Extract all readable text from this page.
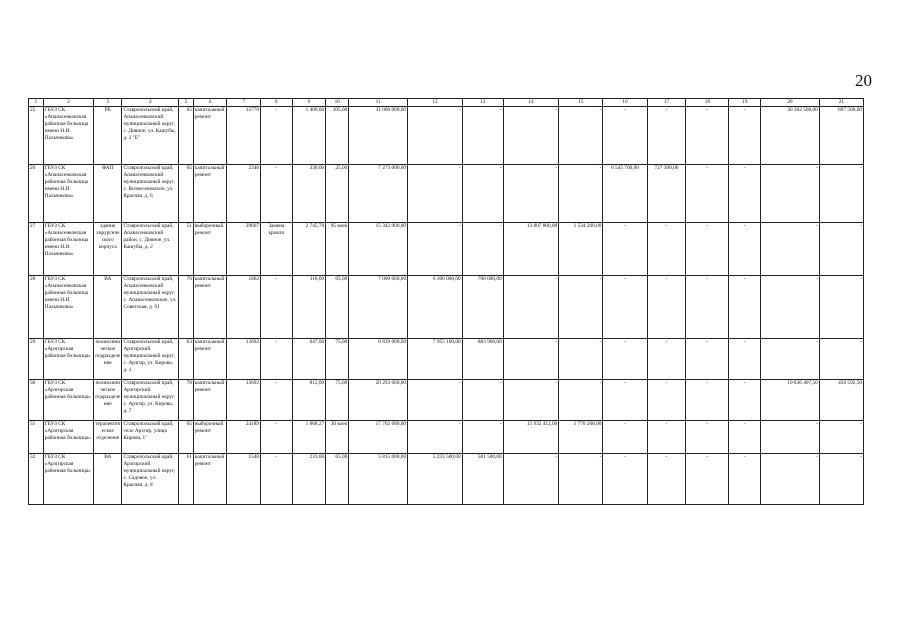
20
1	2	3	4	5	6	7	8	9	10	11	12	13	14	15	16	17	18	19	20	21
25	ГБУЗ СК «Апанасенковская районная больница имени Н.И. Пальчикова»	РБ	Ставропольский край, Апанасенковский муниципальный округ, с. Дивное, ул. Кашубы, д. 2 "Е"	65	капитальный ремонт	12770	-	1 409,00	105,00	31 000 000,00	-	-	-	-	-	-	-	-	30 302 500,00	697 500,00
26	ГБУЗ СК «Апанасенковская районная больница имени Н.И. Пальчикова»	ФАП	Ставропольский край, Апанасенковский муниципальный округ, с. Вознесеновское, ул. Красная, д. 6	65	капитальный ремонт	2346	-	330,00	25,00	7 273 000,00	-	-	-	-	6 545 700,00	727 300,00	-	-	-	-
27	ГБУЗ СК «Апанасенковская районная больница имени Н.И. Пальчикова»	здание хирургического корпуса	Ставропольский край, Апанасенковский район, с. Дивное, ул. Кашубы, д. 2	51	выборочный ремонт	29667	Замена кровли	2 745,70	95 коек	15 342 000,00	-	-	13 807 800,00	1 534 200,00	-	-	-	-	-	-
28	ГБУЗ СК «Апанасенковская районная больница имени Н.И. Пальчикова»	ВА	Ставропольский край, Апанасенковский муниципальный округ, с. Апанасенковское, ул. Советская, д. 61	70	капитальный ремонт	1862	-	318,00	65,00	7 000 000,00	6 300 000,00	700 000,00	-	-	-	-	-	-	-	-
29	ГБУЗ СК «Арзгирская районная больница»	поликлиническое подразделение	Ставропольский край, Арзгирский муниципальный округ, с. Арзгир, ул. Кирова, д. 1	63	капитальный ремонт	13692	-	647,00	75,00	8 839 000,00	7 955 100,00	883 900,00	-	-	-	-	-	-	-	-
30	ГБУЗ СК «Арзгирская районная больница»	поликлиническое подразделение	Ставропольский край, Арзгирский муниципальный округ, с. Арзгир, ул. Кирова, д. 7	78	капитальный ремонт	13692	-	812,00	75,00	20 293 000,00	-	-	-	-	-	-	-	-	19 836 407,50	456 592,50
31	ГБУЗ СК «Арзгирская районная больница»	терапевтическое отделение	Ставропольский край, село Арзгир, улица Кирова, 1"	65	выборочный ремонт	24189	-	1 868,27	30 коек	17 702 680,00	-	-	15 932 412,00	1 770 268,00	-	-	-	-	-	-
32	ГБУЗ СК «Арзгирская районная больница»	ВА	Ставропольский край, Арзгирский муниципальный округ, с. Садовое, ул. Красная, д. 8	61	капитальный ремонт	1548	-	233,00	65,00	5 815 000,00	5 233 500,00	581 500,00	-	-	-	-	-	-	-	-
